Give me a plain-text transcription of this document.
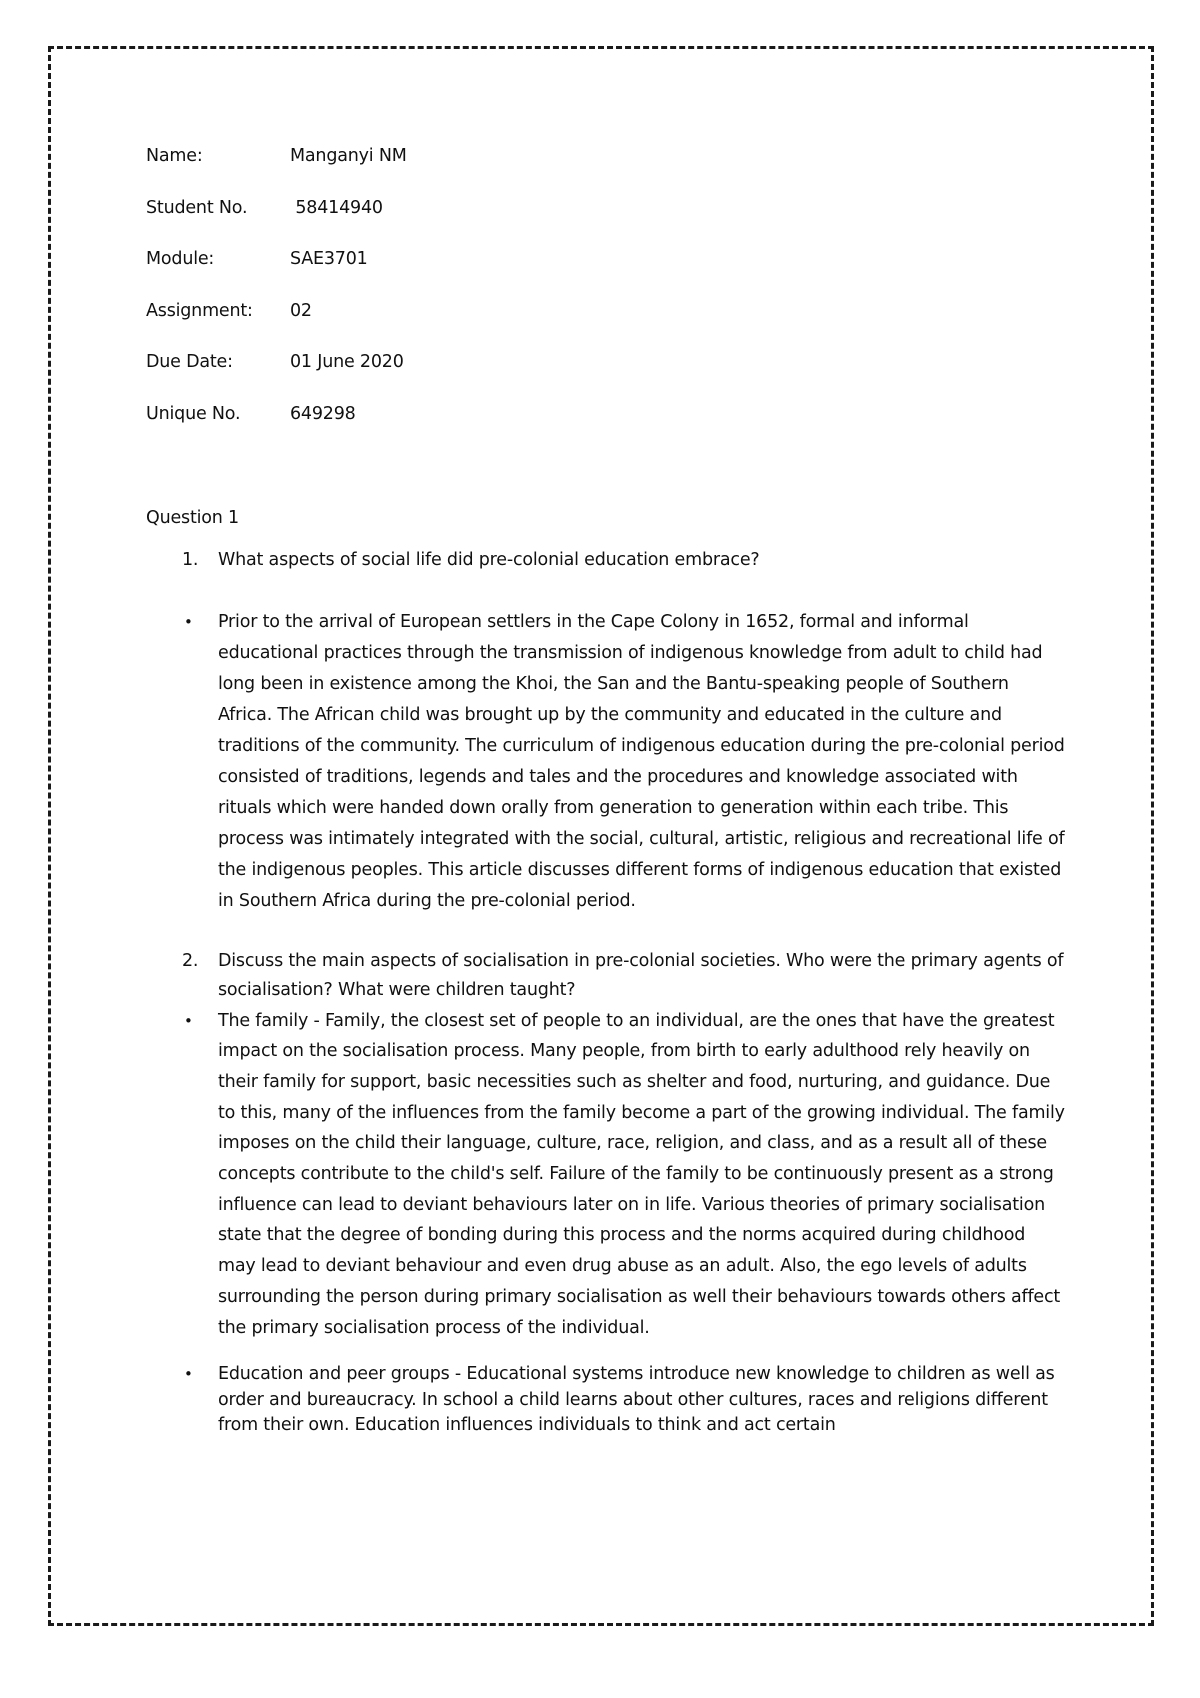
Name:	Manganyi NM
Student No.	58414940
Module:	SAE3701
Assignment:	02
Due Date:	01 June 2020
Unique No.	649298
Question 1
1.	What aspects of social life did pre-colonial education embrace?
•	Prior to the arrival of European settlers in the Cape Colony in 1652, formal and informal educational practices through the transmission of indigenous knowledge from adult to child had long been in existence among the Khoi, the San and the Bantu-speaking people of Southern Africa. The African child was brought up by the community and educated in the culture and traditions of the community. The curriculum of indigenous education during the pre-colonial period consisted of traditions, legends and tales and the procedures and knowledge associated with rituals which were handed down orally from generation to generation within each tribe. This process was intimately integrated with the social, cultural, artistic, religious and recreational life of the indigenous peoples. This article discusses different forms of indigenous education that existed in Southern Africa during the pre-colonial period.
2.	Discuss the main aspects of socialisation in pre-colonial societies. Who were the primary agents of socialisation? What were children taught?
•	The family - Family, the closest set of people to an individual, are the ones that have the greatest impact on the socialisation process. Many people, from birth to early adulthood rely heavily on their family for support, basic necessities such as shelter and food, nurturing, and guidance. Due to this, many of the influences from the family become a part of the growing individual. The family imposes on the child their language, culture, race, religion, and class, and as a result all of these concepts contribute to the child's self. Failure of the family to be continuously present as a strong influence can lead to deviant behaviours later on in life. Various theories of primary socialisation state that the degree of bonding during this process and the norms acquired during childhood may lead to deviant behaviour and even drug abuse as an adult. Also, the ego levels of adults surrounding the person during primary socialisation as well their behaviours towards others affect the primary socialisation process of the individual.
•	Education and peer groups - Educational systems introduce new knowledge to children as well as order and bureaucracy. In school a child learns about other cultures, races and religions different from their own. Education influences individuals to think and act certain
